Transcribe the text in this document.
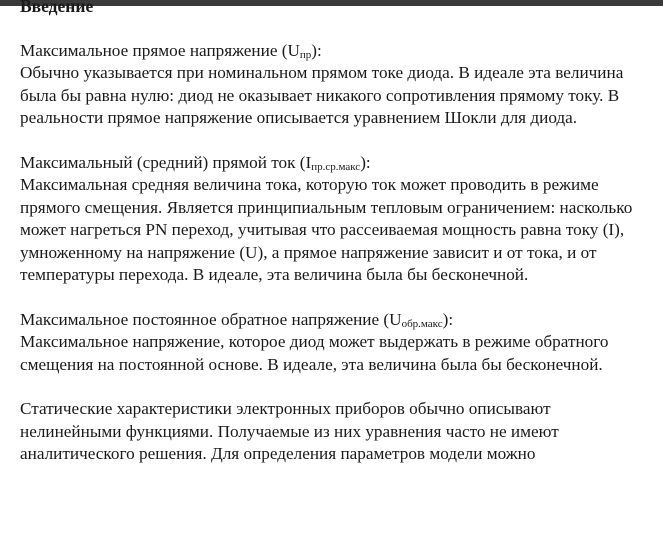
Введение

Максимальное прямое напряжение $(U_{пр})$:

Обычно указывается при номинальном прямом токе диода. В идеале эта величина была бы равна нулю: диод не оказывает никакого сопротивления прямому току. В реальности прямое напряжение описывается уравнением Шокли для диода.

Максимальный (средний) прямой ток $(I_{пр.ср.макс})$:

Максимальная средняя величина тока, которую ток может проводить в режиме прямого смещения. Является принципиальным тепловым ограничением: насколько может нагреться PN переход, учитывая что рассеиваемая мощность равна току (I), умноженному на напряжение (U), а прямое напряжение зависит и от тока, и от температуры перехода. В идеале, эта величина была бы бесконечной.

Максимальное постоянное обратное напряжение $(U_{обр.макс})$:

Максимальное напряжение, которое диод может выдержать в режиме обратного смещения на постоянной основе. В идеале, эта величина была бы бесконечной.

Статические характеристики электронных приборов обычно описывают нелинейными функциями. Получаемые из них уравнения часто не имеют аналитического решения. Для определения параметров модели можно
